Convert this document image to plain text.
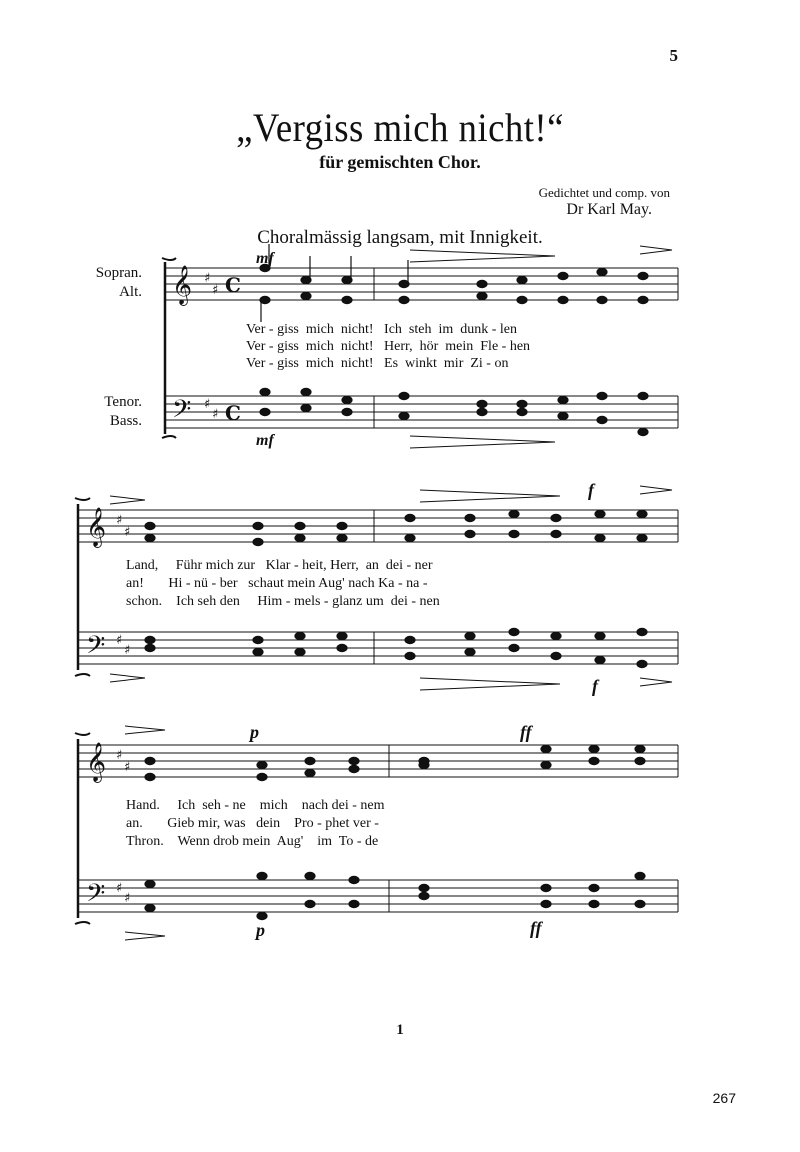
5
„Vergiss mich nicht!“
für gemischten Chor.
Gedichtet und comp. von
Dr Karl May.
Choralmässig langsam, mit Innigkeit.
Sopran.
Alt.
Tenor.
Bass.
𝄞
𝄢
𝄞
𝄢
𝄞
𝄢
♯
♯
♯
♯
♯
♯
♯
♯
♯
♯
♯
♯
C
C
mf
mf
f
f
p
p
ff
ff
Ver - giss  mich  nicht!   Ich  steh  im  dunk - len
Ver - giss  mich  nicht!   Herr,  hör  mein  Fle - hen
Ver - giss  mich  nicht!   Es  winkt  mir  Zi - on
Land,     Führ mich zur   Klar - heit, Herr,  an  dei - ner
an!       Hi - nü - ber   schaut mein Aug' nach Ka - na -
schon.    Ich seh den     Him - mels - glanz um  dei - nen
Hand.     Ich  seh - ne    mich    nach dei - nem
an.       Gieb mir, was   dein    Pro - phet ver -
Thron.    Wenn drob mein  Aug'    im  To - de
1
267
